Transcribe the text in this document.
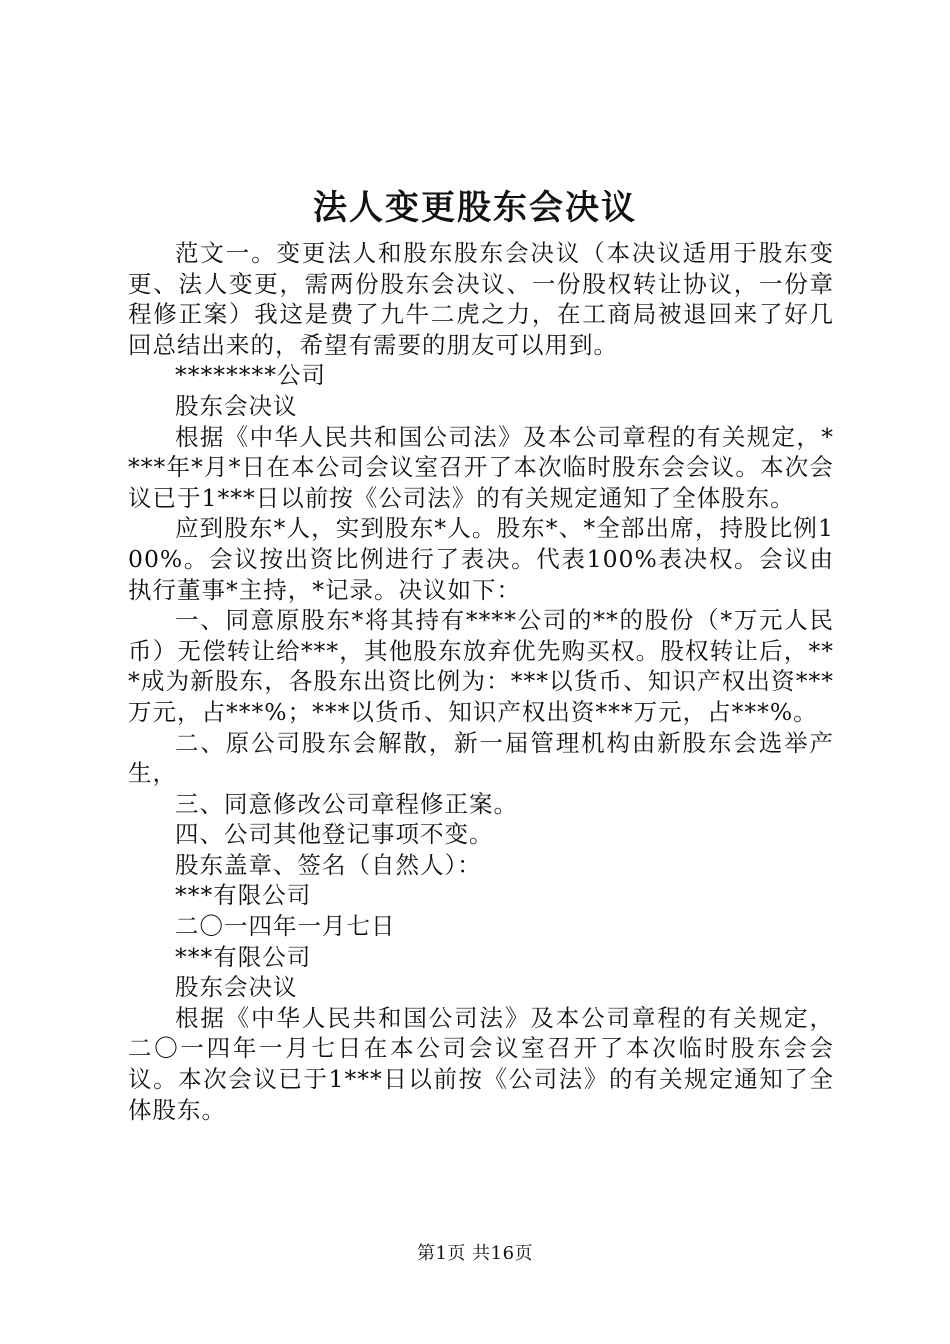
法人变更股东会决议

范文一。变更法人和股东股东会决议（本决议适用于股东变更、法人变更，需两份股东会决议、一份股权转让协议，一份章程修正案）我这是费了九牛二虎之力，在工商局被退回来了好几回总结出来的，希望有需要的朋友可以用到。

********公司

股东会决议

根据《中华人民共和国公司法》及本公司章程的有关规定，****年*月*日在本公司会议室召开了本次临时股东会会议。本次会议已于1***日以前按《公司法》的有关规定通知了全体股东。

应到股东*人，实到股东*人。股东*、*全部出席，持股比例100%。会议按出资比例进行了表决。代表100%表决权。会议由执行董事*主持，*记录。决议如下：

一、同意原股东*将其持有****公司的**的股份（*万元人民币）无偿转让给***，其他股东放弃优先购买权。股权转让后，***成为新股东，各股东出资比例为：***以货币、知识产权出资***万元，占***%；***以货币、知识产权出资***万元，占***%。

二、原公司股东会解散，新一届管理机构由新股东会选举产生，

三、同意修改公司章程修正案。

四、公司其他登记事项不变。

股东盖章、签名（自然人）：

***有限公司

二〇一四年一月七日

***有限公司

股东会决议

根据《中华人民共和国公司法》及本公司章程的有关规定，二〇一四年一月七日在本公司会议室召开了本次临时股东会会议。本次会议已于1***日以前按《公司法》的有关规定通知了全体股东。

第1页 共16页
